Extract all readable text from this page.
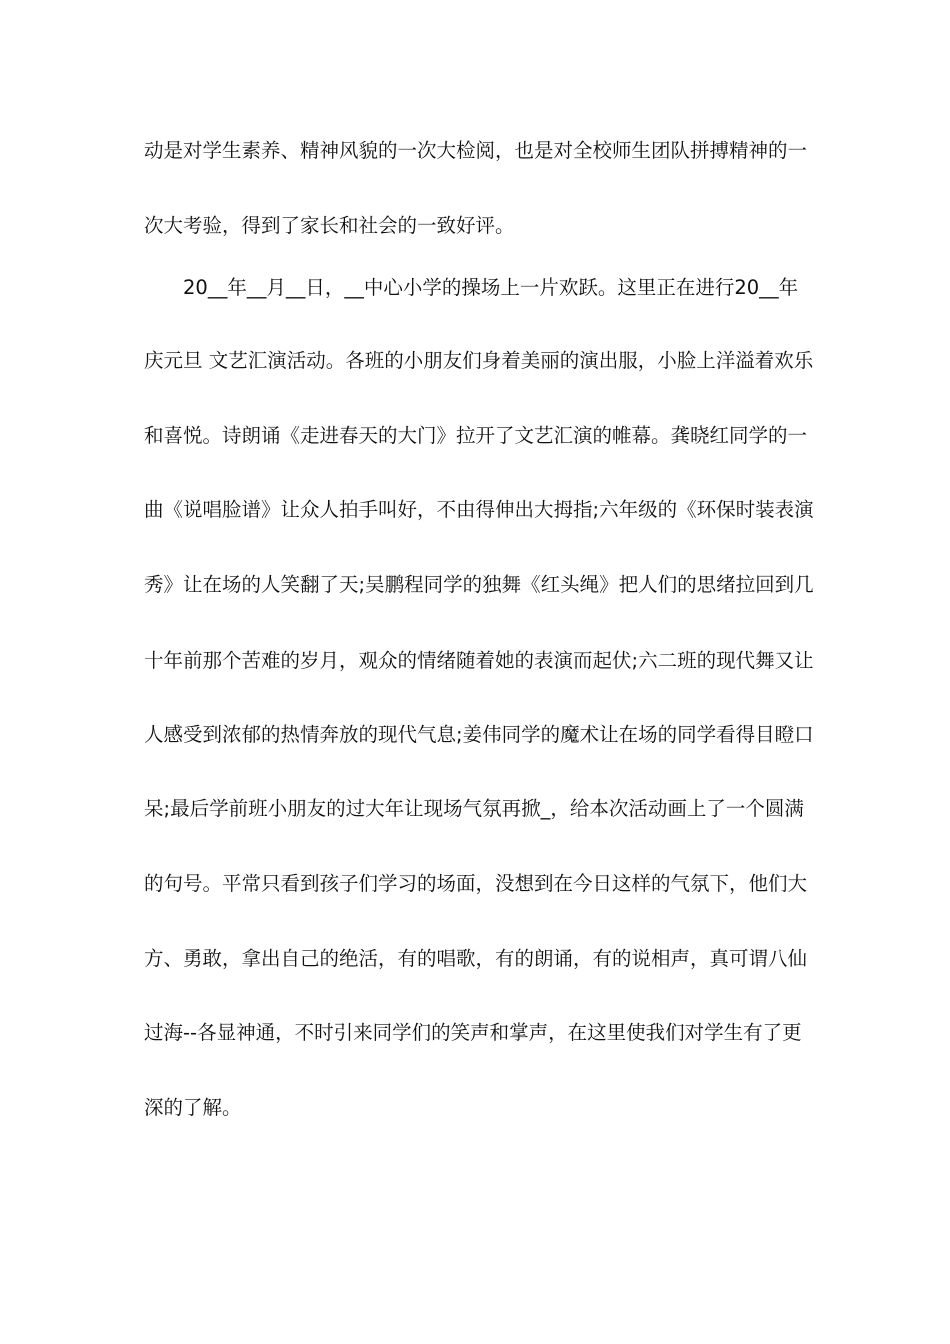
动是对学生素养、精神风貌的一次大检阅，也是对全校师生团队拼搏精神的一
次大考验，得到了家长和社会的一致好评。
20__年__月__日，__中心小学的操场上一片欢跃。这里正在进行20__年
庆元旦 文艺汇演活动。各班的小朋友们身着美丽的演出服，小脸上洋溢着欢乐
和喜悦。诗朗诵《走进春天的大门》拉开了文艺汇演的帷幕。龚晓红同学的一
曲《说唱脸谱》让众人拍手叫好，不由得伸出大拇指;六年级的《环保时装表演
秀》让在场的人笑翻了天;吴鹏程同学的独舞《红头绳》把人们的思绪拉回到几
十年前那个苦难的岁月，观众的情绪随着她的表演而起伏;六二班的现代舞又让
人感受到浓郁的热情奔放的现代气息;姜伟同学的魔术让在场的同学看得目瞪口
呆;最后学前班小朋友的过大年让现场气氛再掀_，给本次活动画上了一个圆满
的句号。平常只看到孩子们学习的场面，没想到在今日这样的气氛下，他们大
方、勇敢，拿出自己的绝活，有的唱歌，有的朗诵，有的说相声，真可谓八仙
过海--各显神通，不时引来同学们的笑声和掌声，在这里使我们对学生有了更
深的了解。
